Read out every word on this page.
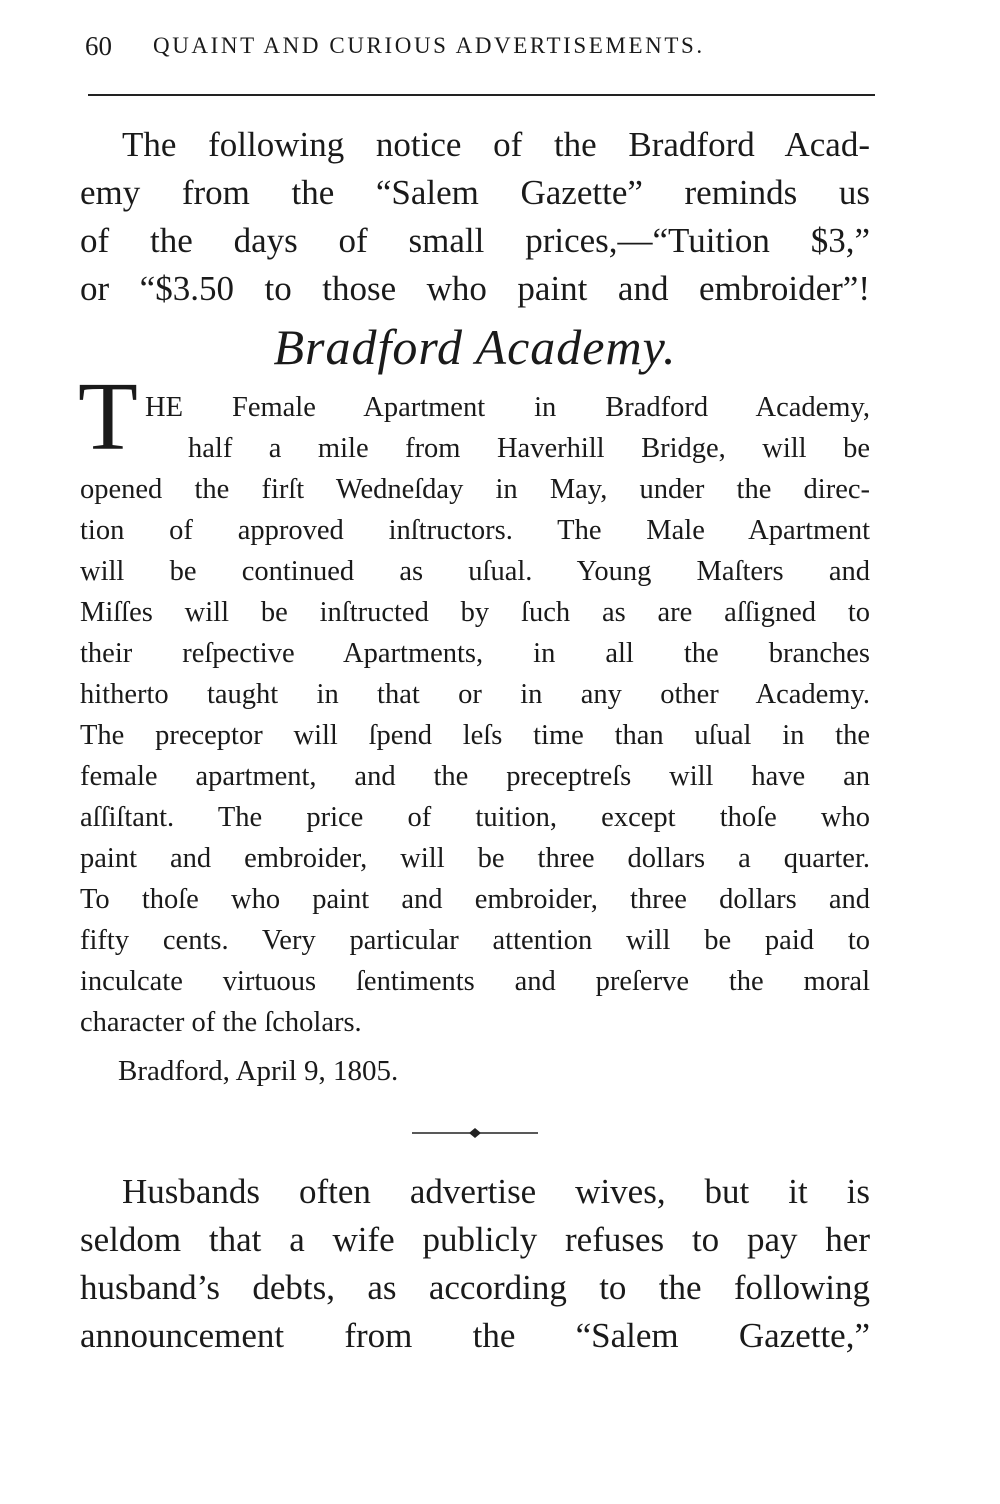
60	QUAINT AND CURIOUS ADVERTISEMENTS.
The following notice of the Bradford Acad-
emy from the “Salem Gazette” reminds us
of the days of small prices,—“Tuition $3,”
or “$3.50 to those who paint and embroider”!
Bradford Academy.
T HE Female Apartment in Bradford Academy,
half a mile from Haverhill Bridge, will be
opened the firſt Wedneſday in May, under the direc-
tion of approved inſtructors. The Male Apartment
will be continued as uſual. Young Maſters and
Miſſes will be inſtructed by ſuch as are aſſigned to
their reſpective Apartments, in all the branches
hitherto taught in that or in any other Academy.
The preceptor will ſpend leſs time than uſual in the
female apartment, and the preceptreſs will have an
aſſiſtant. The price of tuition, except thoſe who
paint and embroider, will be three dollars a quarter.
To thoſe who paint and embroider, three dollars and
fifty cents. Very particular attention will be paid to
inculcate virtuous ſentiments and preſerve the moral
character of the ſcholars.
Bradford, April 9, 1805.
Husbands often advertise wives, but it is
seldom that a wife publicly refuses to pay her
husband’s debts, as according to the following
announcement from the “Salem Gazette,”
